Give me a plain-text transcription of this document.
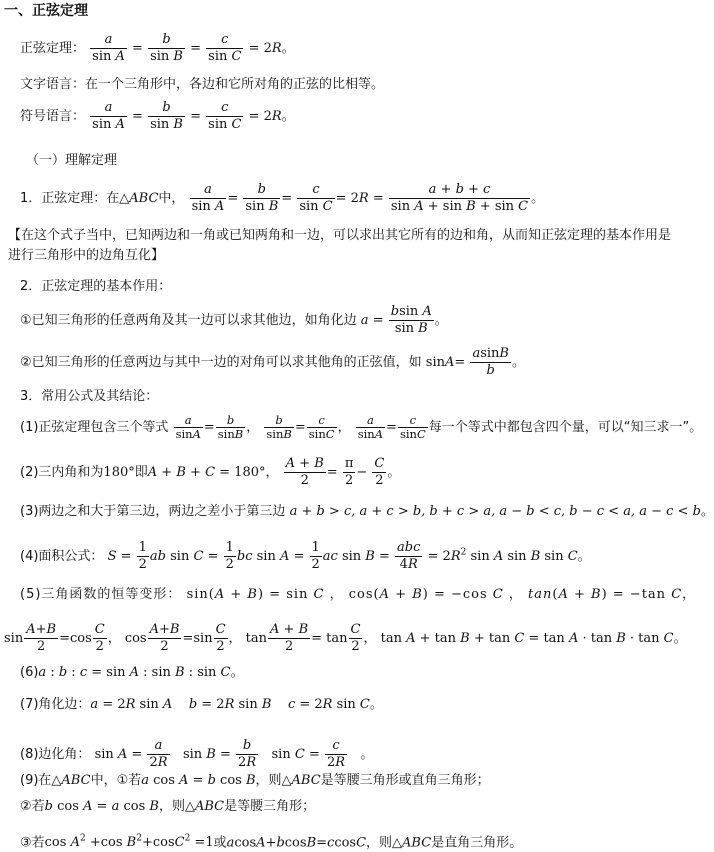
一、正弦定理
正弦定理： $\frac{a}{\text{sin A}} = \frac{b}{\text{sin B}} = \frac{c}{\text{sin C}} = 2R$。
文字语言：在一个三角形中，各边和它所对角的正弦的比相等。
符号语言： $\frac{a}{\text{sin A}} = \frac{b}{\text{sin B}} = \frac{c}{\text{sin C}} = 2R$。
（一）理解定理
1．正弦定理：在△ABC中， $\frac{a}{\text{sin A}} = \frac{b}{\text{sin B}} = \frac{c}{\text{sin C}} = 2R = \frac{a + b + c}{\text{sin A + sin B + sin C}}$ 。
【在这个式子当中，已知两边和一角或已知两角和一边，可以求出其它所有的边和角，从而知正弦定理的基本作用是进行三角形中的边角互化】
2．正弦定理的基本作用：
①已知三角形的任意两角及其一边可以求其他边，如角化边 $a = \frac{\text{bsin A}}{\text{sin B}}$ 。
②已知三角形的任意两边与其中一边的对角可以求其他角的正弦值，如 $\sin A= \frac{asinB}{b}$ 。
3．常用公式及其结论：
(1)正弦定理包含三个等式 $\frac{a}{\sin A} = \frac{b}{\sin B}$ ， $\frac{b}{\sin B} = \frac{c}{\sin C}$ ， $\frac{a}{\sin A} = \frac{c}{\sin C}$ 每一个等式中都包含四个量，可以“知三求一”。
(2)三内角和为180°即A + B + C = 180°， $\frac{A + B}{2} = \frac{\pi}{2} - \frac{C}{2}$ 。
(3)两边之和大于第三边，两边之差小于第三边 a + b > c, a + c > b, b + c > a, a − b < c, b − c < a, a − c < b。
(4)面积公式： $S = \frac{1}{2}$ ab $\sin C = \frac{1}{2}$ bc $\sin A = \frac{1}{2}$ ac sin B =
abc
4R
= $2R^2$ sin A sin B sin C。
(5)三角函数的恒等变形： sin(A + B) = sin C ， cos(A + B) = −cos C ， tan(A + B) = −tan C，
$\sin \frac{A+B}{2} =\cos \frac{C}{2}$ ， $\cos \frac{A+B}{2} =\sin \frac{C}{2}$ ， $\tan \frac{A + B}{2} = \tan \frac{C}{2}$ ， tan A + tan B + tan C = tan A · tan B · tan C。
(6)a : b : c = sin A : sin B : sin C。
(7)角化边：a = 2R sin A b = 2R sin B c = 2R sin C。
(8)边化角： $\sin A = \frac{a}{2R}$ $\sin B = \frac{b}{2R}$ $\sin C = \frac{c}{2R}$ 。
(9)在△ABC中，①若a cos A = b cos B，则△ABC是等腰三角形或直角三角形；
②若b cos A = a cos B，则△ABC是等腰三角形；
③若$\cos A^2 +\cos$ $B^2+\cos C^2 =1$或acosA+bcosB=ccosC，则△ABC是直角三角形。
